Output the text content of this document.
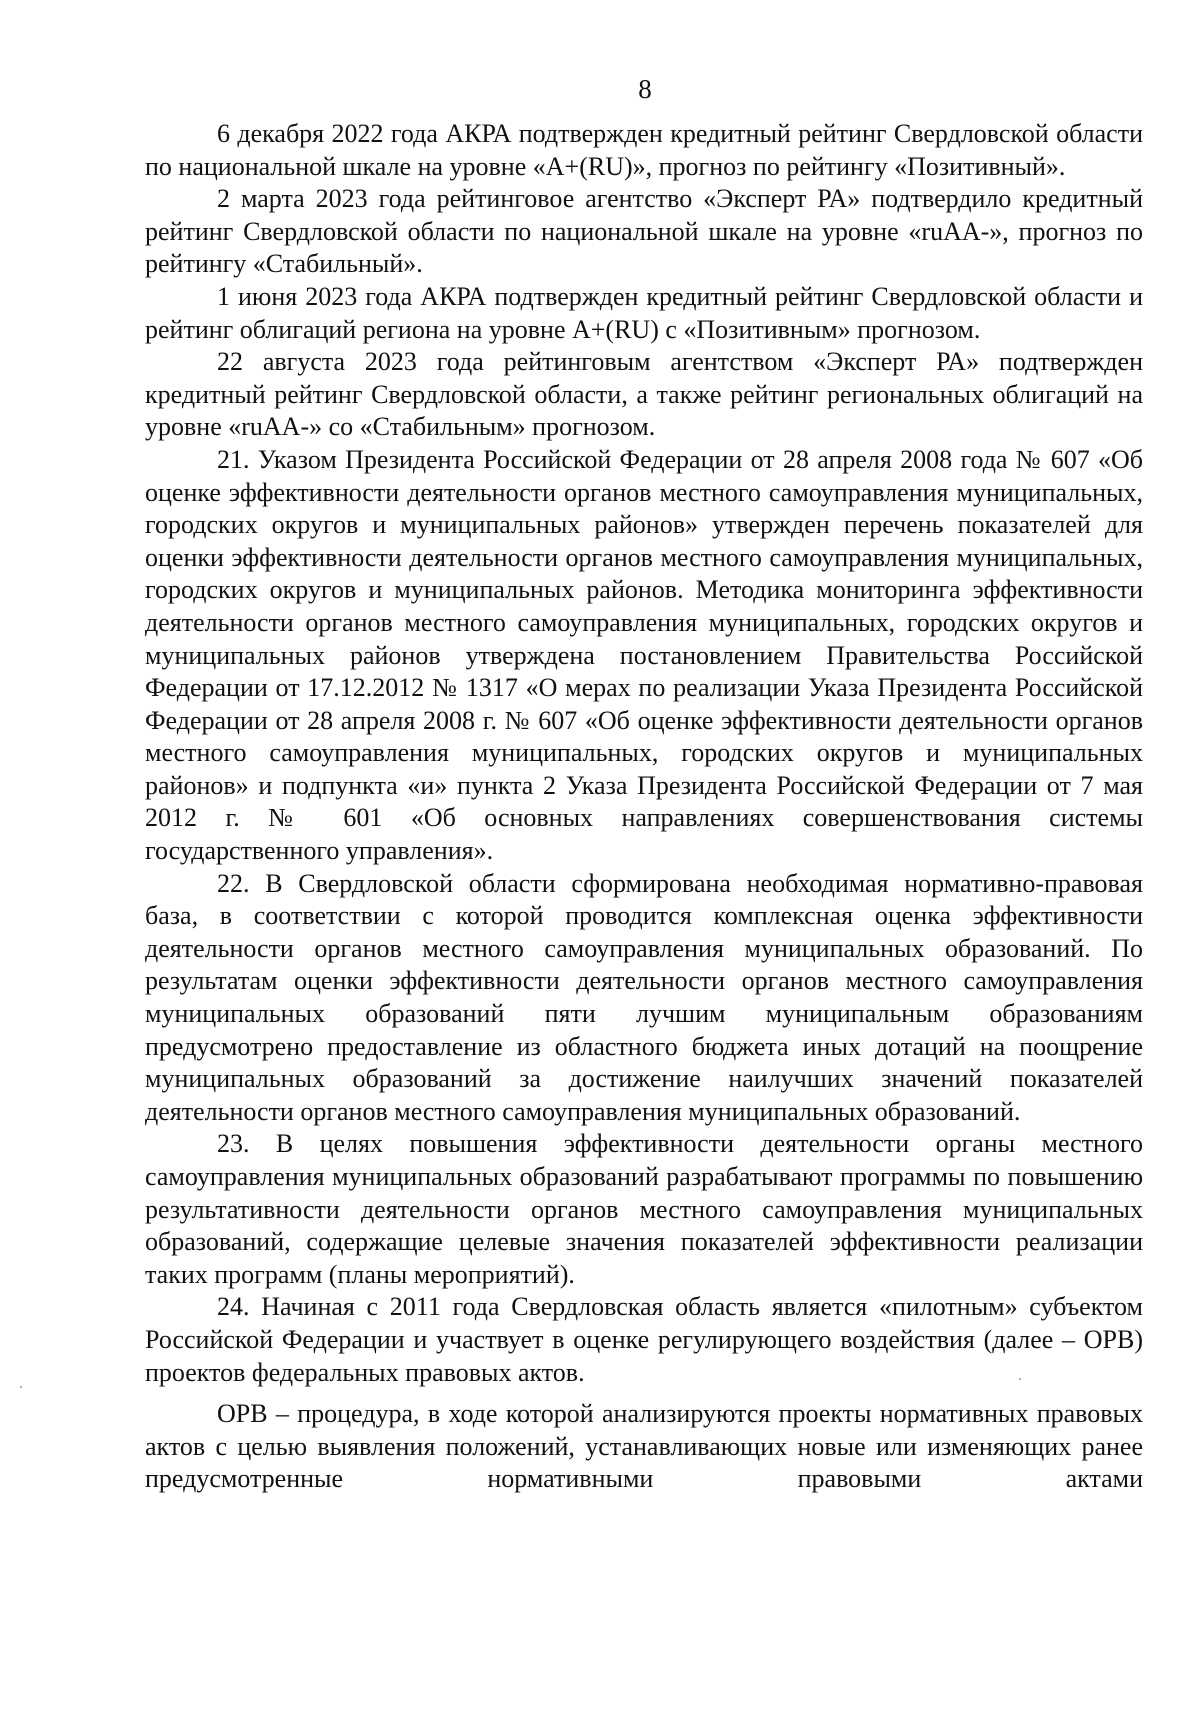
8

6 декабря 2022 года АКРА подтвержден кредитный рейтинг Свердловской области по национальной шкале на уровне «А+(RU)», прогноз по рейтингу «Позитивный».

2 марта 2023 года рейтинговое агентство «Эксперт РА» подтвердило кредитный рейтинг Свердловской области по национальной шкале на уровне «ruAA-», прогноз по рейтингу «Стабильный».

1 июня 2023 года АКРА подтвержден кредитный рейтинг Свердловской области и рейтинг облигаций региона на уровне А+(RU) с «Позитивным» прогнозом.

22 августа 2023 года рейтинговым агентством «Эксперт РА» подтвержден кредитный рейтинг Свердловской области, а также рейтинг региональных облигаций на уровне «ruAA-» со «Стабильным» прогнозом.

21. Указом Президента Российской Федерации от 28 апреля 2008 года № 607 «Об оценке эффективности деятельности органов местного самоуправления муниципальных, городских округов и муниципальных районов» утвержден перечень показателей для оценки эффективности деятельности органов местного самоуправления муниципальных, городских округов и муниципальных районов. Методика мониторинга эффективности деятельности органов местного самоуправления муниципальных, городских округов и муниципальных районов утверждена постановлением Правительства Российской Федерации от 17.12.2012 № 1317 «О мерах по реализации Указа Президента Российской Федерации от 28 апреля 2008 г. № 607 «Об оценке эффективности деятельности органов местного самоуправления муниципальных, городских округов и муниципальных районов» и подпункта «и» пункта 2 Указа Президента Российской Федерации от 7 мая 2012 г. № 601 «Об основных направлениях совершенствования системы государственного управления».

22. В Свердловской области сформирована необходимая нормативно-правовая база, в соответствии с которой проводится комплексная оценка эффективности деятельности органов местного самоуправления муниципальных образований. По результатам оценки эффективности деятельности органов местного самоуправления муниципальных образований пяти лучшим муниципальным образованиям предусмотрено предоставление из областного бюджета иных дотаций на поощрение муниципальных образований за достижение наилучших значений показателей деятельности органов местного самоуправления муниципальных образований.

23. В целях повышения эффективности деятельности органы местного самоуправления муниципальных образований разрабатывают программы по повышению результативности деятельности органов местного самоуправления муниципальных образований, содержащие целевые значения показателей эффективности реализации таких программ (планы мероприятий).

24. Начиная с 2011 года Свердловская область является «пилотным» субъектом Российской Федерации и участвует в оценке регулирующего воздействия (далее – ОРВ) проектов федеральных правовых актов.

ОРВ – процедура, в ходе которой анализируются проекты нормативных правовых актов с целью выявления положений, устанавливающих новые или изменяющих ранее предусмотренные нормативными правовыми актами
